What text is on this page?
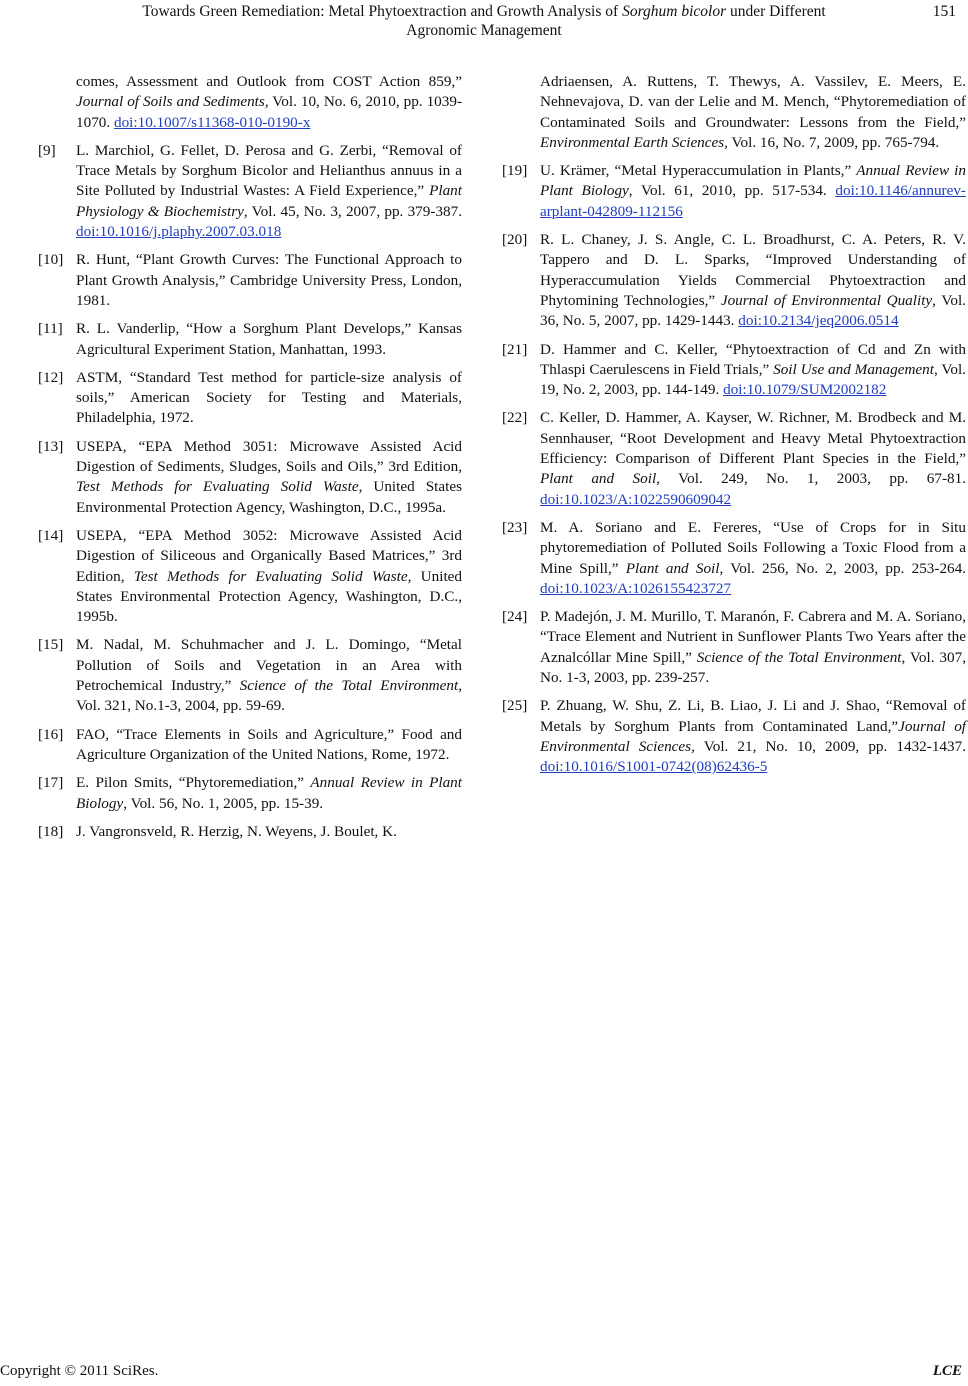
Towards Green Remediation: Metal Phytoextraction and Growth Analysis of Sorghum bicolor under Different
Agronomic Management
151
comes, Assessment and Outlook from COST Action 859,” Journal of Soils and Sediments, Vol. 10, No. 6, 2010, pp. 1039-1070. doi:10.1007/s11368-010-0190-x
[9] L. Marchiol, G. Fellet, D. Perosa and G. Zerbi, “Removal of Trace Metals by Sorghum Bicolor and Helianthus annuus in a Site Polluted by Industrial Wastes: A Field Experience,” Plant Physiology & Biochemistry, Vol. 45, No. 3, 2007, pp. 379-387. doi:10.1016/j.plaphy.2007.03.018
[10] R. Hunt, “Plant Growth Curves: The Functional Approach to Plant Growth Analysis,” Cambridge University Press, London, 1981.
[11] R. L. Vanderlip, “How a Sorghum Plant Develops,” Kansas Agricultural Experiment Station, Manhattan, 1993.
[12] ASTM, “Standard Test method for particle-size analysis of soils,” American Society for Testing and Materials, Philadelphia, 1972.
[13] USEPA, “EPA Method 3051: Microwave Assisted Acid Digestion of Sediments, Sludges, Soils and Oils,” 3rd Edition, Test Methods for Evaluating Solid Waste, United States Environmental Protection Agency, Washington, D.C., 1995a.
[14] USEPA, “EPA Method 3052: Microwave Assisted Acid Digestion of Siliceous and Organically Based Matrices,” 3rd Edition, Test Methods for Evaluating Solid Waste, United States Environmental Protection Agency, Washington, D.C., 1995b.
[15] M. Nadal, M. Schuhmacher and J. L. Domingo, “Metal Pollution of Soils and Vegetation in an Area with Petrochemical Industry,” Science of the Total Environment, Vol. 321, No.1-3, 2004, pp. 59-69.
[16] FAO, “Trace Elements in Soils and Agriculture,” Food and Agriculture Organization of the United Nations, Rome, 1972.
[17] E. Pilon Smits, “Phytoremediation,” Annual Review in Plant Biology, Vol. 56, No. 1, 2005, pp. 15-39.
[18] J. Vangronsveld, R. Herzig, N. Weyens, J. Boulet, K.
Adriaensen, A. Ruttens, T. Thewys, A. Vassilev, E. Meers, E. Nehnevajova, D. van der Lelie and M. Mench, “Phytoremediation of Contaminated Soils and Groundwater: Lessons from the Field,” Environmental Earth Sciences, Vol. 16, No. 7, 2009, pp. 765-794.
[19] U. Krämer, “Metal Hyperaccumulation in Plants,” Annual Review in Plant Biology, Vol. 61, 2010, pp. 517-534. doi:10.1146/annurev-arplant-042809-112156
[20] R. L. Chaney, J. S. Angle, C. L. Broadhurst, C. A. Peters, R. V. Tappero and D. L. Sparks, “Improved Understanding of Hyperaccumulation Yields Commercial Phytoextraction and Phytomining Technologies,” Journal of Environmental Quality, Vol. 36, No. 5, 2007, pp. 1429-1443. doi:10.2134/jeq2006.0514
[21] D. Hammer and C. Keller, “Phytoextraction of Cd and Zn with Thlaspi Caerulescens in Field Trials,” Soil Use and Management, Vol. 19, No. 2, 2003, pp. 144-149. doi:10.1079/SUM2002182
[22] C. Keller, D. Hammer, A. Kayser, W. Richner, M. Brodbeck and M. Sennhauser, “Root Development and Heavy Metal Phytoextraction Efficiency: Comparison of Different Plant Species in the Field,” Plant and Soil, Vol. 249, No. 1, 2003, pp. 67-81. doi:10.1023/A:1022590609042
[23] M. A. Soriano and E. Fereres, “Use of Crops for in Situ phytoremediation of Polluted Soils Following a Toxic Flood from a Mine Spill,” Plant and Soil, Vol. 256, No. 2, 2003, pp. 253-264. doi:10.1023/A:1026155423727
[24] P. Madejón, J. M. Murillo, T. Maranón, F. Cabrera and M. A. Soriano, “Trace Element and Nutrient in Sunflower Plants Two Years after the Aznalcóllar Mine Spill,” Science of the Total Environment, Vol. 307, No. 1-3, 2003, pp. 239-257.
[25] P. Zhuang, W. Shu, Z. Li, B. Liao, J. Li and J. Shao, “Removal of Metals by Sorghum Plants from Contaminated Land,”Journal of Environmental Sciences, Vol. 21, No. 10, 2009, pp. 1432-1437. doi:10.1016/S1001-0742(08)62436-5
Copyright © 2011 SciRes.	LCE
